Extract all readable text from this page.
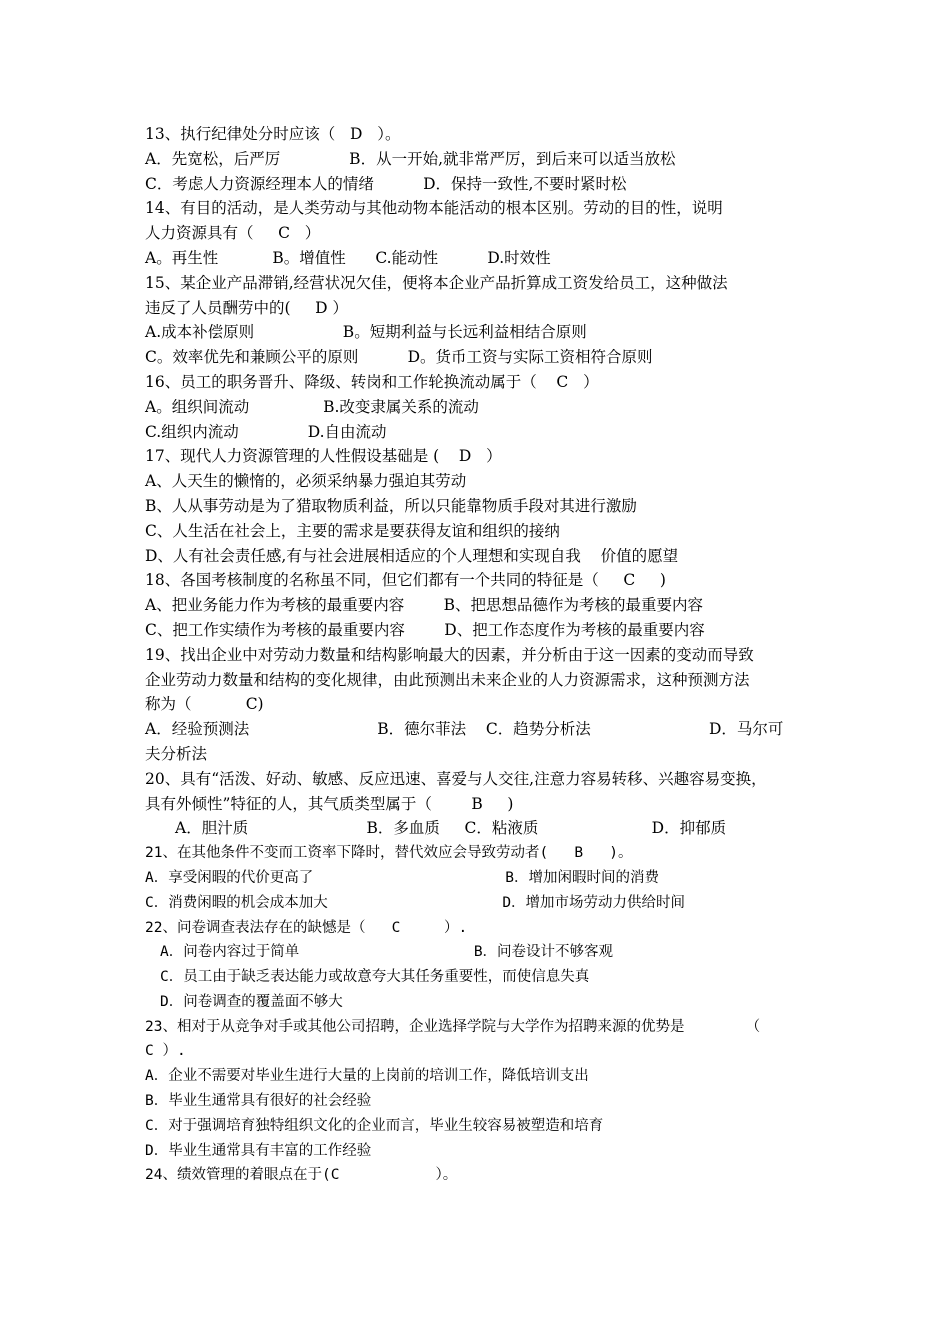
13、执行纪律处分时应该（   D   ）。
A．先宽松，后严厉              B．从一开始,就非常严厉，到后来可以适当放松
C．考虑人力资源经理本人的情绪          D．保持一致性,不要时紧时松
14、有目的活动，是人类劳动与其他动物本能活动的根本区别。劳动的目的性，说明
人力资源具有（     C   ）
A。再生性           B。增值性      C.能动性          D.时效性
15、某企业产品滞销,经营状况欠佳，便将本企业产品折算成工资发给员工，这种做法
违反了人员酬劳中的(     D ）
A.成本补偿原则                  B。短期利益与长远利益相结合原则
C。效率优先和兼顾公平的原则          D。货币工资与实际工资相符合原则
16、员工的职务晋升、降级、转岗和工作轮换流动属于（    C   ）
A。组织间流动               B.改变隶属关系的流动
C.组织内流动              D.自由流动
17、现代人力资源管理的人性假设基础是 (    D   ）
A、人天生的懒惰的，必须采纳暴力强迫其劳动
B、人从事劳动是为了猎取物质利益，所以只能靠物质手段对其进行激励
C、人生活在社会上，主要的需求是要获得友谊和组织的接纳
D、人有社会责任感,有与社会进展相适应的个人理想和实现自我    价值的愿望
18、各国考核制度的名称虽不同，但它们都有一个共同的特征是（     C     )
A、把业务能力作为考核的最重要内容        B、把思想品德作为考核的最重要内容
C、把工作实绩作为考核的最重要内容        D、把工作态度作为考核的最重要内容
19、找出企业中对劳动力数量和结构影响最大的因素，并分析由于这一因素的变动而导致
企业劳动力数量和结构的变化规律，由此预测出未来企业的人力资源需求，这种预测方法
称为（           C)
A．经验预测法                          B．德尔菲法    C．趋势分析法                        D．马尔可
夫分析法
20、具有“活泼、好动、敏感、反应迅速、喜爱与人交往,注意力容易转移、兴趣容易变换，
具有外倾性”特征的人，其气质类型属于（        B     )
A．胆汁质                        B．多血质     C．粘液质                       D．抑郁质
21、在其他条件不变而工资率下降时，替代效应会导致劳动者(   B   )。
A．享受闲暇的代价更高了                      B．增加闲暇时间的消费
C．消费闲暇的机会成本加大                    D．增加市场劳动力供给时间
22、问卷调查表法存在的缺憾是（   C     ）.
A．问卷内容过于简单                    B．问卷设计不够客观
C．员工由于缺乏表达能力或故意夸大其任务重要性，而使信息失真
D．问卷调查的覆盖面不够大
23、相对于从竞争对手或其他公司招聘，企业选择学院与大学作为招聘来源的优势是       （
C ）.
A．企业不需要对毕业生进行大量的上岗前的培训工作，降低培训支出
B．毕业生通常具有很好的社会经验
C．对于强调培育独特组织文化的企业而言，毕业生较容易被塑造和培育
D．毕业生通常具有丰富的工作经验
24、绩效管理的着眼点在于(C           ）。
